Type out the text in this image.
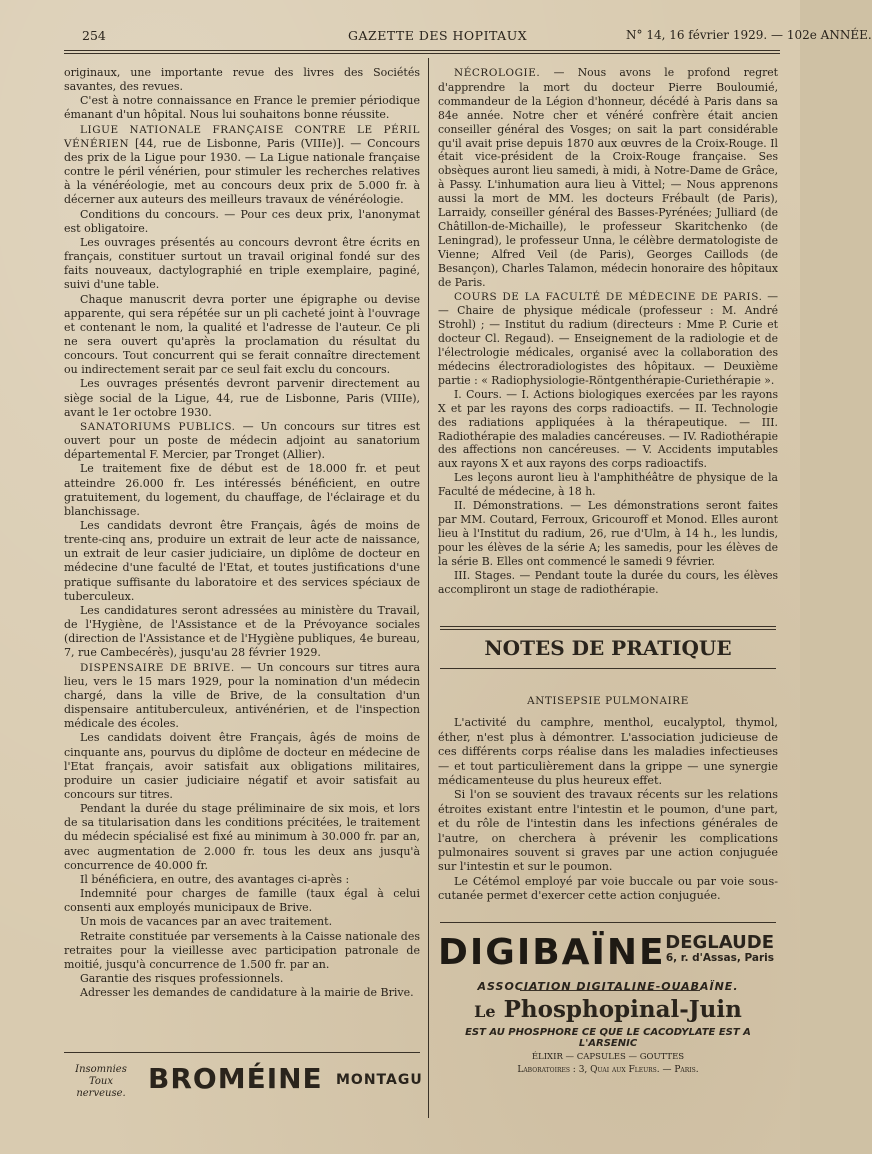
254	GAZETTE DES HOPITAUX	N° 14, 16 février 1929. — 102e ANNÉE.

originaux, une importante revue des livres des Sociétés savantes, des revues.

C'est à notre connaissance en France le premier périodique émanant d'un hôpital. Nous lui souhaitons bonne réussite.

LIGUE NATIONALE FRANÇAISE CONTRE LE PÉRIL VÉNÉRIEN [44, rue de Lisbonne, Paris (VIIIe)]. — Concours des prix de la Ligue pour 1930. — La Ligue nationale française contre le péril vénérien, pour stimuler les recherches relatives à la vénéréologie, met au concours deux prix de 5.000 fr. à décerner aux auteurs des meilleurs travaux de vénéréologie.

Conditions du concours. — Pour ces deux prix, l'anonymat est obligatoire.

Les ouvrages présentés au concours devront être écrits en français, constituer surtout un travail original fondé sur des faits nouveaux, dactylographié en triple exemplaire, paginé, suivi d'une table.

Chaque manuscrit devra porter une épigraphe ou devise apparente, qui sera répétée sur un pli cacheté joint à l'ouvrage et contenant le nom, la qualité et l'adresse de l'auteur. Ce pli ne sera ouvert qu'après la proclamation du résultat du concours. Tout concurrent qui se ferait connaître directement ou indirectement serait par ce seul fait exclu du concours.

Les ouvrages présentés devront parvenir directement au siège social de la Ligue, 44, rue de Lisbonne, Paris (VIIIe), avant le 1er octobre 1930.

SANATORIUMS PUBLICS. — Un concours sur titres est ouvert pour un poste de médecin adjoint au sanatorium départemental F. Mercier, par Tronget (Allier).

Le traitement fixe de début est de 18.000 fr. et peut atteindre 26.000 fr. Les intéressés bénéficient, en outre gratuitement, du logement, du chauffage, de l'éclairage et du blanchissage.

Les candidats devront être Français, âgés de moins de trente-cinq ans, produire un extrait de leur acte de naissance, un extrait de leur casier judiciaire, un diplôme de docteur en médecine d'une faculté de l'Etat, et toutes justifications d'une pratique suffisante du laboratoire et des services spéciaux de tuberculeux.

Les candidatures seront adressées au ministère du Travail, de l'Hygiène, de l'Assistance et de la Prévoyance sociales (direction de l'Assistance et de l'Hygiène publiques, 4e bureau, 7, rue Cambecérès), jusqu'au 28 février 1929.

DISPENSAIRE DE BRIVE. — Un concours sur titres aura lieu, vers le 15 mars 1929, pour la nomination d'un médecin chargé, dans la ville de Brive, de la consultation d'un dispensaire antituberculeux, antivénérien, et de l'inspection médicale des écoles.

Les candidats doivent être Français, âgés de moins de cinquante ans, pourvus du diplôme de docteur en médecine de l'Etat français, avoir satisfait aux obligations militaires, produire un casier judiciaire négatif et avoir satisfait au concours sur titres.

Pendant la durée du stage préliminaire de six mois, et lors de sa titularisation dans les conditions précitées, le traitement du médecin spécialisé est fixé au minimum à 30.000 fr. par an, avec augmentation de 2.000 fr. tous les deux ans jusqu'à concurrence de 40.000 fr.

Il bénéficiera, en outre, des avantages ci-après :

Indemnité pour charges de famille (taux égal à celui consenti aux employés municipaux de Brive.

Un mois de vacances par an avec traitement.

Retraite constituée par versements à la Caisse nationale des retraites pour la vieillesse avec participation patronale de moitié, jusqu'à concurrence de 1.500 fr. par an.

Garantie des risques professionnels.

Adresser les demandes de candidature à la mairie de Brive.

NÉCROLOGIE. — Nous avons le profond regret d'apprendre la mort du docteur Pierre Bouloumié, commandeur de la Légion d'honneur, décédé à Paris dans sa 84e année. Notre cher et vénéré confrère était ancien conseiller général des Vosges; on sait la part considérable qu'il avait prise depuis 1870 aux œuvres de la Croix-Rouge. Il était vice-président de la Croix-Rouge française. Ses obsèques auront lieu samedi, à midi, à Notre-Dame de Grâce, à Passy. L'inhumation aura lieu à Vittel; — Nous apprenons aussi la mort de MM. les docteurs Frébault (de Paris), Larraidy, conseiller général des Basses-Pyrénées; Julliard (de Châtillon-de-Michaille), le professeur Skaritchenko (de Leningrad), le professeur Unna, le célèbre dermatologiste de Vienne; Alfred Veil (de Paris), Georges Caillods (de Besançon), Charles Talamon, médecin honoraire des hôpitaux de Paris.

COURS DE LA FACULTÉ DE MÉDECINE DE PARIS. — — Chaire de physique médicale (professeur : M. André Strohl) ; — Institut du radium (directeurs : Mme P. Curie et docteur Cl. Regaud). — Enseignement de la radiologie et de l'électrologie médicales, organisé avec la collaboration des médecins électroradiologistes des hôpitaux. — Deuxième partie : « Radiophysiologie-Röntgenthérapie-Curiethérapie ».

I. Cours. — I. Actions biologiques exercées par les rayons X et par les rayons des corps radioactifs. — II. Technologie des radiations appliquées à la thérapeutique. — III. Radiothérapie des maladies cancéreuses. — IV. Radiothérapie des affections non cancéreuses. — V. Accidents imputables aux rayons X et aux rayons des corps radioactifs.

Les leçons auront lieu à l'amphithéâtre de physique de la Faculté de médecine, à 18 h.

II. Démonstrations. — Les démonstrations seront faites par MM. Coutard, Ferroux, Gricouroff et Monod. Elles auront lieu à l'Institut du radium, 26, rue d'Ulm, à 14 h., les lundis, pour les élèves de la série A; les samedis, pour les élèves de la série B. Elles ont commencé le samedi 9 février.

III. Stages. — Pendant toute la durée du cours, les élèves accompliront un stage de radiothérapie.

NOTES DE PRATIQUE
ANTISEPSIE PULMONAIRE

L'activité du camphre, menthol, eucalyptol, thymol, éther, n'est plus à démontrer. L'association judicieuse de ces différents corps réalise dans les maladies infectieuses — et tout particulièrement dans la grippe — une synergie médicamenteuse du plus heureux effet.

Si l'on se souvient des travaux récents sur les relations étroites existant entre l'intestin et le poumon, d'une part, et du rôle de l'intestin dans les infections générales de l'autre, on cherchera à prévenir les complications pulmonaires souvent si graves par une action conjuguée sur l'intestin et sur le poumon.

Le Cétémol employé par voie buccale ou par voie sous-cutanée permet d'exercer cette action conjuguée.

DIGIBAÏNE DEGLAUDE
6, r. d'Assas, Paris
ASSOCIATION DIGITALINE-OUABAÏNE.
Le Phosphopinal-Juin
EST AU PHOSPHORE CE QUE LE CACODYLATE EST A L'ARSENIC
ÉLIXIR — CAPSULES — GOUTTES
Laboratoires : 3, Quai aux Fleurs. — Paris.
Insomnies
Toux nerveuse. BROMÉINE MONTAGU
